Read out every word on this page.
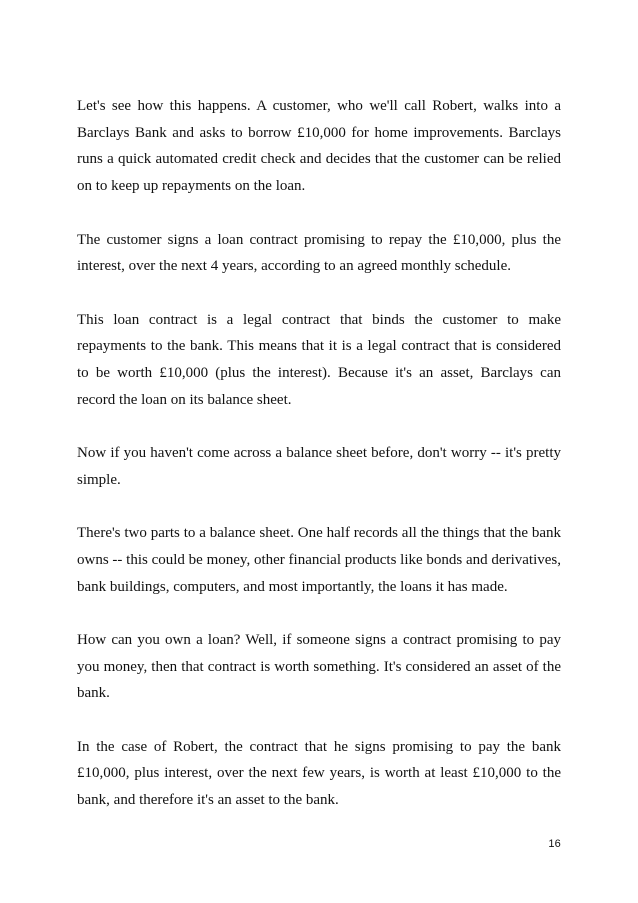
Let's see how this happens. A customer, who we'll call Robert, walks into a Barclays Bank and asks to borrow £10,000 for home improvements. Barclays runs a quick automated credit check and decides that the customer can be relied on to keep up repayments on the loan.

The customer signs a loan contract promising to repay the £10,000, plus the interest, over the next 4 years, according to an agreed monthly schedule.

This loan contract is a legal contract that binds the customer to make repayments to the bank. This means that it is a legal contract that is considered to be worth £10,000 (plus the interest). Because it's an asset, Barclays can record the loan on its balance sheet.

Now if you haven't come across a balance sheet before, don't worry -- it's pretty simple.

There's two parts to a balance sheet. One half records all the things that the bank owns -- this could be money, other financial products like bonds and derivatives, bank buildings, computers, and most importantly, the loans it has made.

How can you own a loan? Well, if someone signs a contract promising to pay you money, then that contract is worth something. It's considered an asset of the bank.

In the case of Robert, the contract that he signs promising to pay the bank £10,000, plus interest, over the next few years, is worth at least £10,000 to the bank, and therefore it's an asset to the bank.

16
